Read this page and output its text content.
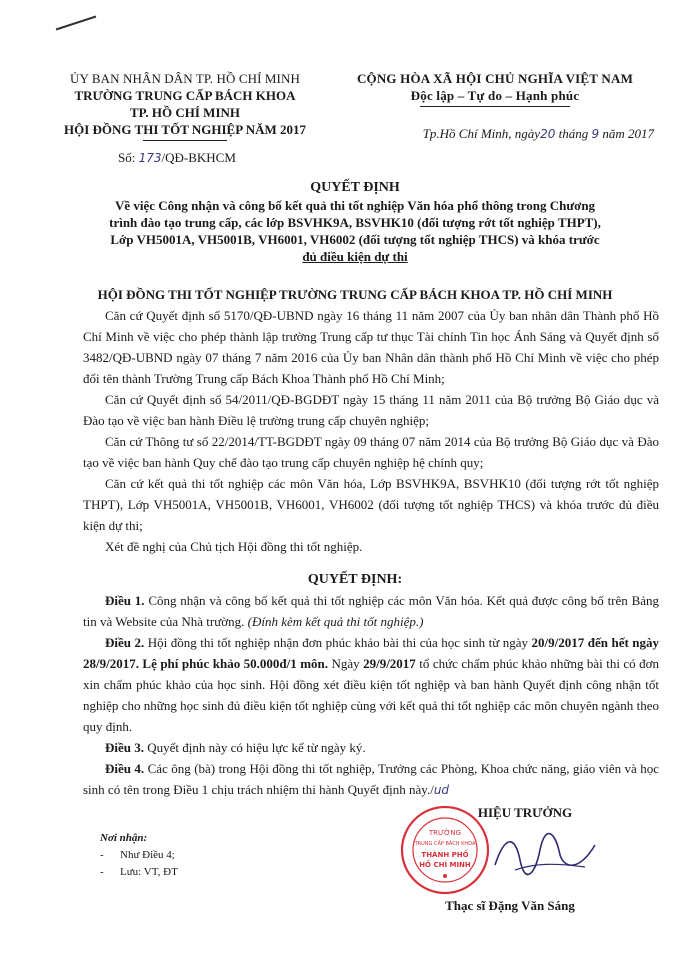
ỦY BAN NHÂN DÂN TP. HỒ CHÍ MINH
TRƯỜNG TRUNG CẤP BÁCH KHOA
TP. HỒ CHÍ MINH
HỘI ĐỒNG THI TỐT NGHIỆP NĂM 2017
Số: 173/QĐ-BKHCM
CỘNG HÒA XÃ HỘI CHỦ NGHĨA VIỆT NAM
Độc lập – Tự do – Hạnh phúc
Tp.Hồ Chí Minh, ngày20 tháng 9 năm 2017
QUYẾT ĐỊNH
Về việc Công nhận và công bố kết quả thi tốt nghiệp Văn hóa phổ thông trong Chương
trình đào tạo trung cấp, các lớp BSVHK9A, BSVHK10 (đối tượng rớt tốt nghiệp THPT),
Lớp VH5001A, VH5001B, VH6001, VH6002 (đối tượng tốt nghiệp THCS) và khóa trước
đủ điều kiện dự thi
HỘI ĐỒNG THI TỐT NGHIỆP TRƯỜNG TRUNG CẤP BÁCH KHOA TP. HỒ CHÍ MINH

Căn cứ Quyết định số 5170/QĐ-UBND ngày 16 tháng 11 năm 2007 của Ủy ban nhân dân Thành phố Hồ Chí Minh về việc cho phép thành lập trường Trung cấp tư thục Tài chính Tin học Ánh Sáng và Quyết định số 3482/QĐ-UBND ngày 07 tháng 7 năm 2016 của Ủy ban Nhân dân thành phố Hồ Chí Minh về việc cho phép đổi tên thành Trường Trung cấp Bách Khoa Thành phố Hồ Chí Minh;

Căn cứ Quyết định số 54/2011/QĐ-BGDĐT ngày 15 tháng 11 năm 2011 của Bộ trưởng Bộ Giáo dục và Đào tạo về việc ban hành Điều lệ trường trung cấp chuyên nghiệp;

Căn cứ Thông tư số 22/2014/TT-BGDĐT ngày 09 tháng 07 năm 2014 của Bộ trưởng Bộ Giáo dục và Đào tạo về việc ban hành Quy chế đào tạo trung cấp chuyên nghiệp hệ chính quy;

Căn cứ kết quả thi tốt nghiệp các môn Văn hóa, Lớp BSVHK9A, BSVHK10 (đối tượng rớt tốt nghiệp THPT), Lớp VH5001A, VH5001B, VH6001, VH6002 (đối tượng tốt nghiệp THCS) và khóa trước đủ điều kiện dự thi;

Xét đề nghị của Chủ tịch Hội đồng thi tốt nghiệp.

QUYẾT ĐỊNH:

Điều 1. Công nhận và công bố kết quả thi tốt nghiệp các môn Văn hóa. Kết quả được công bố trên Bảng tin và Website của Nhà trường. (Đính kèm kết quả thi tốt nghiệp.)

Điều 2. Hội đồng thi tốt nghiệp nhận đơn phúc khảo bài thi của học sinh từ ngày 20/9/2017 đến hết ngày 28/9/2017. Lệ phí phúc khảo 50.000đ/1 môn. Ngày 29/9/2017 tổ chức chấm phúc khảo những bài thi có đơn xin chấm phúc khảo của học sinh. Hội đồng xét điều kiện tốt nghiệp và ban hành Quyết định công nhận tốt nghiệp cho những học sinh đủ điều kiện tốt nghiệp cùng với kết quả thi tốt nghiệp các môn chuyên ngành theo quy định.

Điều 3. Quyết định này có hiệu lực kể từ ngày ký.

Điều 4. Các ông (bà) trong Hội đồng thi tốt nghiệp, Trưởng các Phòng, Khoa chức năng, giáo viên và học sinh có tên trong Điều 1 chịu trách nhiệm thi hành Quyết định này./ud

Nơi nhận:
- Như Điều 4;
- Lưu: VT, ĐT
TRƯỜNG
TRUNG CẤP BÁCH KHOA
THÀNH PHỐ
HỒ CHÍ MINH
HIỆU TRƯỞNG
Thạc sĩ Đặng Văn Sáng
